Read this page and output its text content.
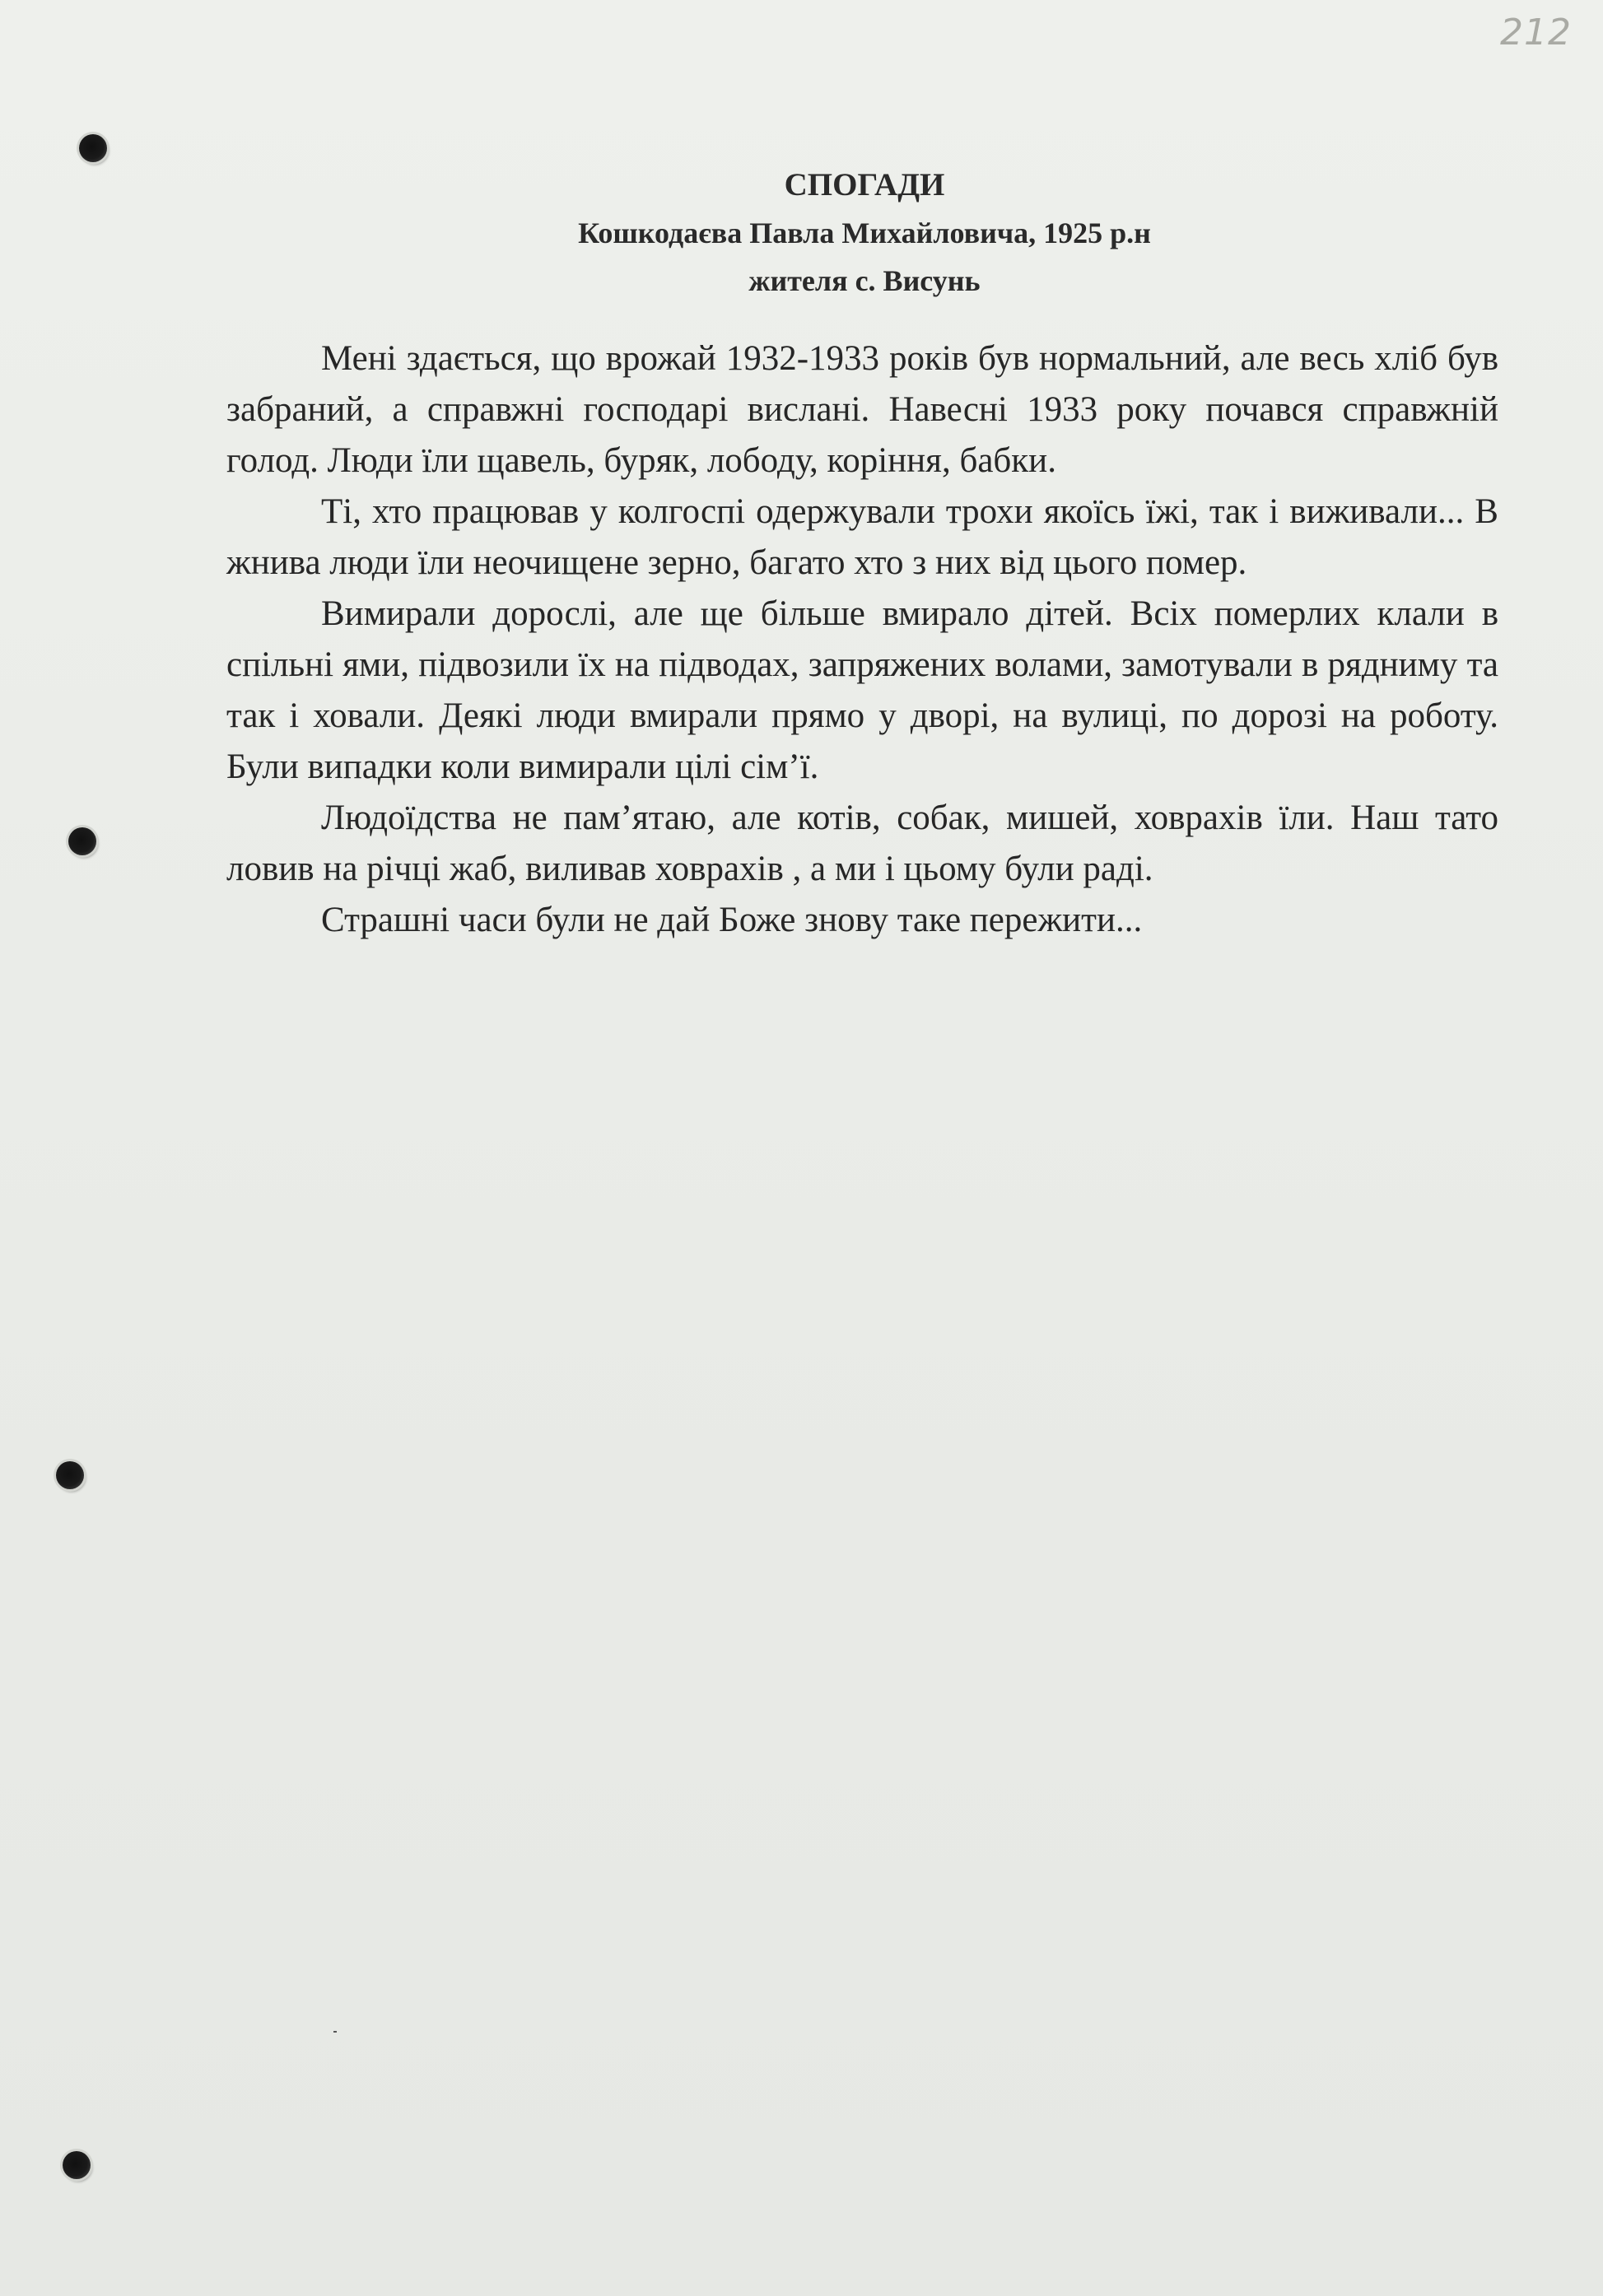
212
СПОГАДИ
Кошкодаєва Павла Михайловича, 1925 р.н
жителя с. Висунь

Мені здається, що врожай 1932-1933 років був нормальний, але весь хліб був забраний, а справжні господарі вислані. Навесні 1933 року почався справжній голод. Люди їли щавель, буряк, лободу, коріння, бабки.

Ті, хто працював у колгоспі одержували трохи якоїсь їжі, так і виживали... В жнива люди їли неочищене зерно, багато хто з них від цього помер.

Вимирали дорослі, але ще більше вмирало дітей. Всіх померлих клали в спільні ями, підвозили їх на підводах, запряжених волами, замотували в рядниму та так і ховали. Деякі люди вмирали прямо у дворі, на вулиці, по дорозі на роботу. Були випадки коли вимирали цілі сім’ї.

Людоїдства не пам’ятаю, але котів, собак, мишей, ховрахів їли. Наш тато ловив на річці жаб, виливав ховрахів , а ми і цьому були раді.

Страшні часи були не дай Боже знову таке пережити...
